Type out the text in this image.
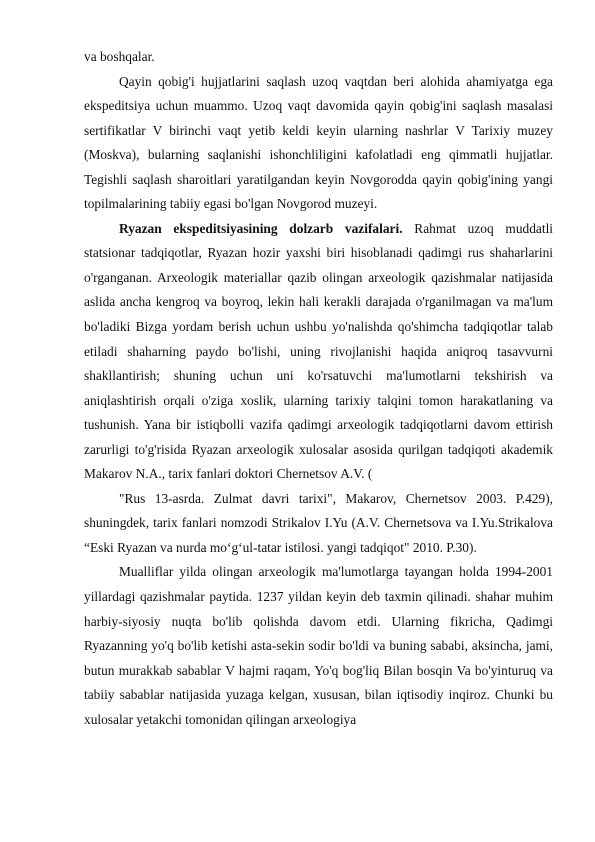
va boshqalar.

Qayin qobig'i hujjatlarini saqlash uzoq vaqtdan beri alohida ahamiyatga ega ekspeditsiya uchun muammo. Uzoq vaqt davomida qayin qobig'ini saqlash masalasi sertifikatlar V birinchi vaqt yetib keldi keyin ularning nashrlar V Tarixiy muzey (Moskva), bularning saqlanishi ishonchliligini kafolatladi eng qimmatli hujjatlar. Tegishli saqlash sharoitlari yaratilgandan keyin Novgorodda qayin qobig'ining yangi topilmalarining tabiiy egasi bo'lgan Novgorod muzeyi.

Ryazan ekspeditsiyasining dolzarb vazifalari. Rahmat uzoq muddatli statsionar tadqiqotlar, Ryazan hozir yaxshi biri hisoblanadi qadimgi rus shaharlarini o'rganganan. Arxeologik materiallar qazib olingan arxeologik qazishmalar natijasida aslida ancha kengroq va boyroq, lekin hali kerakli darajada o'rganilmagan va ma'lum bo'ladiki Bizga yordam berish uchun ushbu yo'nalishda qo'shimcha tadqiqotlar talab etiladi shaharning paydo bo'lishi, uning rivojlanishi haqida aniqroq tasavvurni shakllantirish; shuning uchun uni ko'rsatuvchi ma'lumotlarni tekshirish va aniqlashtirish orqali o'ziga xoslik, ularning tarixiy talqini tomon harakatlaning va tushunish. Yana bir istiqbolli vazifa qadimgi arxeologik tadqiqotlarni davom ettirish zarurligi to'g'risida Ryazan arxeologik xulosalar asosida qurilgan tadqiqoti akademik Makarov N.A., tarix fanlari doktori Chernetsov A.V. (

"Rus 13-asrda. Zulmat davri tarixi", Makarov, Chernetsov 2003. P.429), shuningdek, tarix fanlari nomzodi Strikalov I.Yu (A.V. Chernetsova va I.Yu.Strikalova “Eski Ryazan va nurda mo‘g‘ul-tatar istilosi. yangi tadqiqot" 2010. P.30).

Mualliflar yilda olingan arxeologik ma'lumotlarga tayangan holda 1994-2001 yillardagi qazishmalar paytida. 1237 yildan keyin deb taxmin qilinadi. shahar muhim harbiy-siyosiy nuqta bo'lib qolishda davom etdi. Ularning fikricha, Qadimgi Ryazanning yo'q bo'lib ketishi asta-sekin sodir bo'ldi va buning sababi, aksincha, jami, butun murakkab sabablar V hajmi raqam, Yo'q bog'liq Bilan bosqin Va bo'yinturuq va tabiiy sabablar natijasida yuzaga kelgan, xususan, bilan iqtisodiy inqiroz. Chunki bu xulosalar yetakchi tomonidan qilingan arxeologiya
